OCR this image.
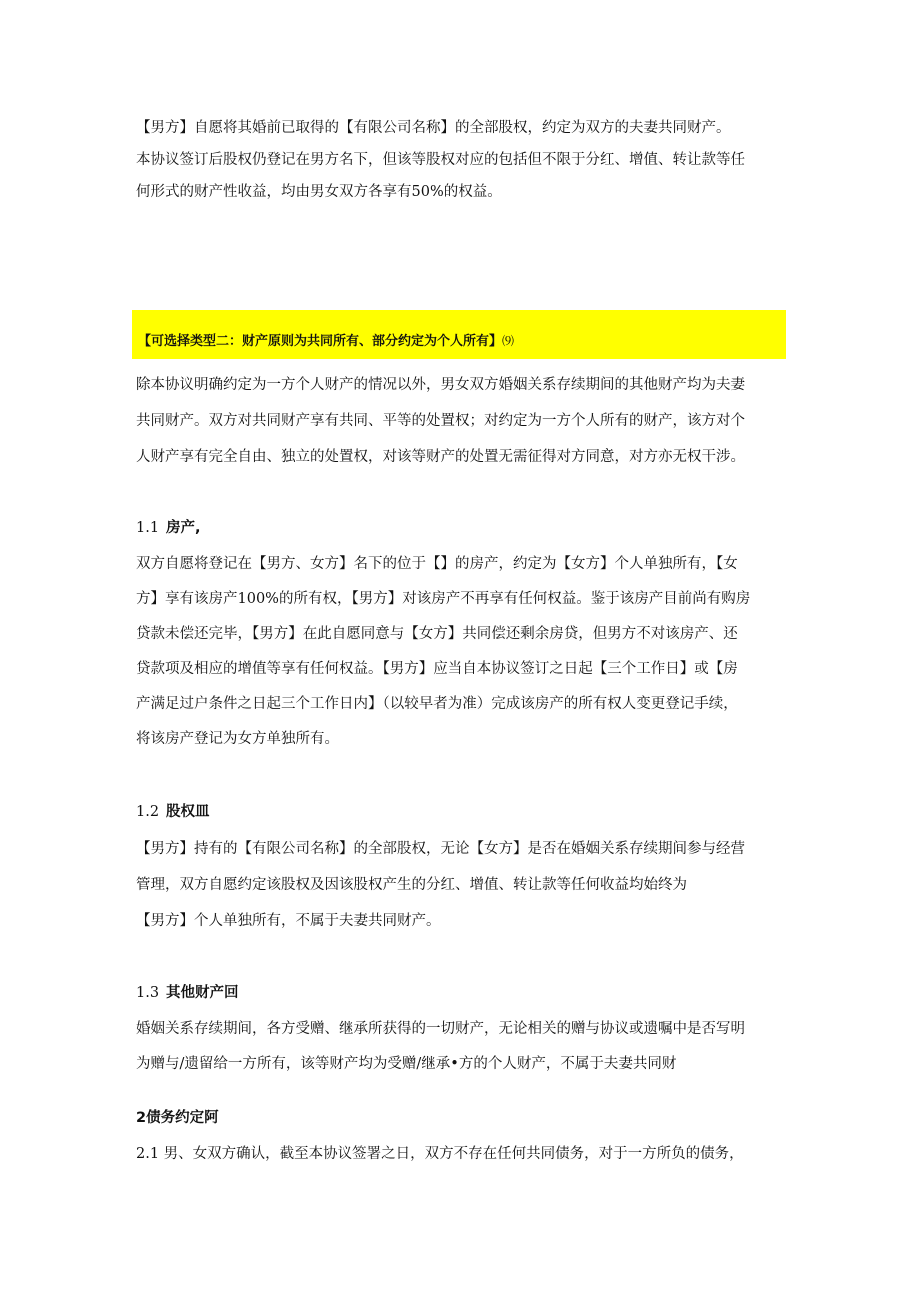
【男方】自愿将其婚前已取得的【有限公司名称】的全部股权，约定为双方的夫妻共同财产。

本协议签订后股权仍登记在男方名下，但该等股权对应的包括但不限于分红、增值、转让款等任

何形式的财产性收益，均由男女双方各享有50%的权益。

【可选择类型二：财产原则为共同所有、部分约定为个人所有】⑼

除本协议明确约定为一方个人财产的情况以外，男女双方婚姻关系存续期间的其他财产均为夫妻

共同财产。双方对共同财产享有共同、平等的处置权；对约定为一方个人所有的财产，该方对个

人财产享有完全自由、独立的处置权，对该等财产的处置无需征得对方同意，对方亦无权干涉。

1.1 房产,

双方自愿将登记在【男方、女方】名下的位于【】的房产，约定为【女方】个人单独所有，【女

方】享有该房产100%的所有权，【男方】对该房产不再享有任何权益。鉴于该房产目前尚有购房

贷款未偿还完毕，【男方】在此自愿同意与【女方】共同偿还剩余房贷，但男方不对该房产、还

贷款项及相应的增值等享有任何权益。【男方】应当自本协议签订之日起【三个工作日】或【房

产满足过户条件之日起三个工作日内】（以较早者为准）完成该房产的所有权人变更登记手续，

将该房产登记为女方单独所有。

1.2 股权皿

【男方】持有的【有限公司名称】的全部股权，无论【女方】是否在婚姻关系存续期间参与经营

管理，双方自愿约定该股权及因该股权产生的分红、增值、转让款等任何收益均始终为

【男方】个人单独所有，不属于夫妻共同财产。

1.3 其他财产回

婚姻关系存续期间，各方受赠、继承所获得的一切财产，无论相关的赠与协议或遗嘱中是否写明

为赠与/遗留给一方所有，该等财产均为受赠/继承•方的个人财产，不属于夫妻共同财

2债务约定阿

2.1 男、女双方确认，截至本协议签署之日，双方不存在任何共同债务，对于一方所负的债务，
